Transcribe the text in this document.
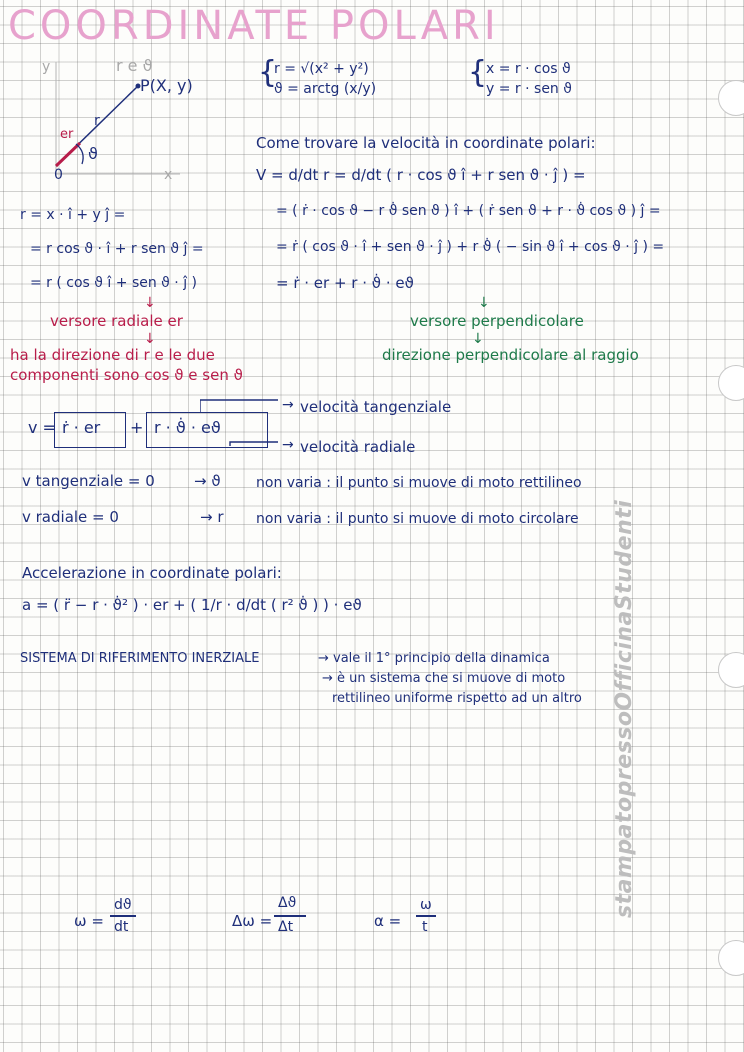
COORDINATE POLARI
y
x
r e ϑ
P(X, y)
r
er
ϑ
0
{
r = √(x² + y²)
ϑ = arctg (x/y)	{
x = r · cos ϑ
y = r · sen ϑ
Come trovare la velocità in coordinate polari:
V = d/dt r = d/dt ( r · cos ϑ î + r sen ϑ · ĵ ) =
= ( ṙ · cos ϑ − r ϑ̇ sen ϑ ) î + ( ṙ sen ϑ + r · ϑ̇ cos ϑ ) ĵ =
= ṙ ( cos ϑ · î + sen ϑ · ĵ ) + r ϑ̇ ( − sin ϑ î + cos ϑ · ĵ ) =
= ṙ · er + r · ϑ̇ · eϑ
r = x · î + y ĵ =
= r cos ϑ · î + r sen ϑ ĵ =
= r ( cos ϑ î + sen ϑ · ĵ )
↓	↓
↓	↓
versore radiale er	versore perpendicolare
ha la direzione di r e le due
componenti sono cos ϑ e sen ϑ
direzione perpendicolare al raggio
v = ṙ · er + r · ϑ̇ · eϑ
→ velocità tangenziale
→ velocità radiale
v tangenziale = 0	→ ϑ	non varia : il punto si muove di moto rettilineo
v radiale = 0	→ r non varia : il punto si muove di moto circolare
Accelerazione in coordinate polari:
a = ( r̈ − r · ϑ̇² ) · er + ( 1/r · d/dt ( r² ϑ̇ ) ) · eϑ
SISTEMA DI RIFERIMENTO INERZIALE	→ vale il 1° principio della dinamica
→ è un sistema che si muove di moto
rettilineo uniforme rispetto ad un altro
ω =
dϑ
dt	Δω =
Δϑ
Δt	α =
ω
t
stampatopressoOfficinaStudenti
